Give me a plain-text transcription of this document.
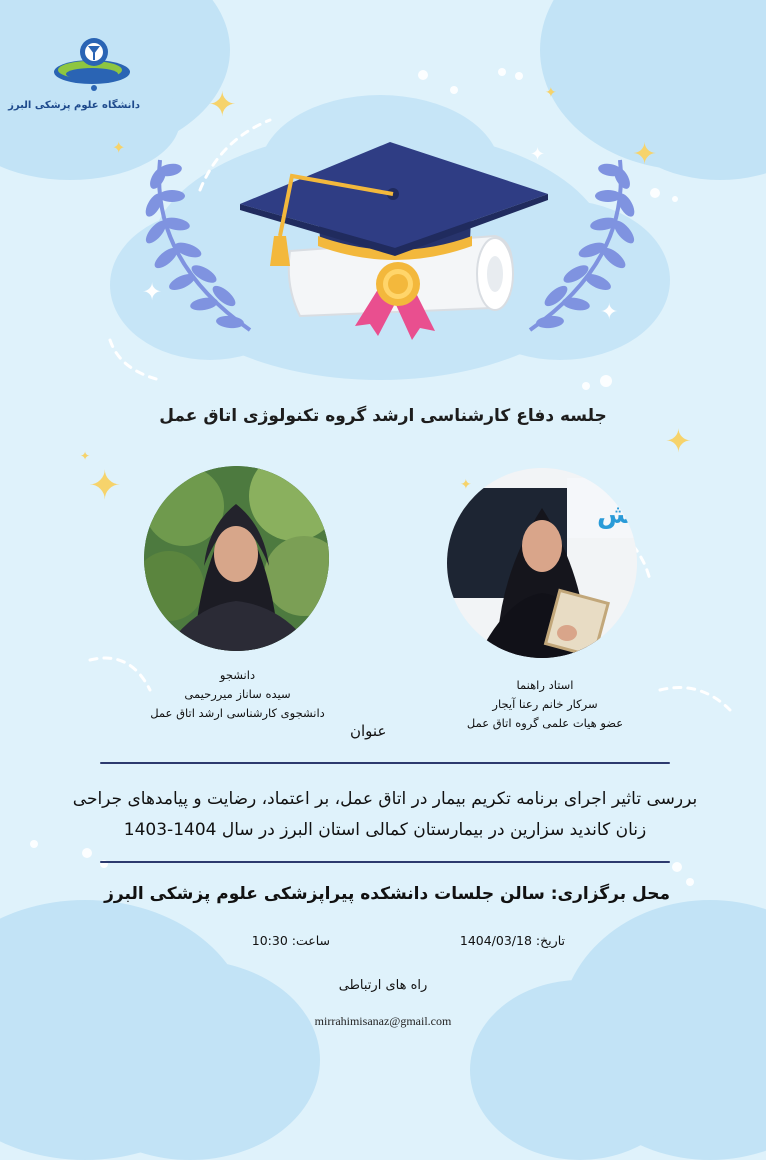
✦
✦
✦
✦
✦
✦
✦
✦
✦
✦
✦
دانشگاه علوم پزشکی البرز
جلسه دفاع کارشناسی ارشد گروه تکنولوژی اتاق عمل
ش
دانشجو
سیده ساناز میررحیمی
دانشجوی کارشناسی ارشد اتاق عمل
استاد راهنما
سرکار خانم رعنا آیجار
عضو هیات علمی گروه اتاق عمل
عنوان
بررسی تاثیر اجرای برنامه تکریم بیمار در اتاق عمل، بر اعتماد، رضایت و پیامدهای جراحی
زنان کاندید سزارین در بیمارستان کمالی استان البرز در سال 1404-1403
محل برگزاری: سالن جلسات دانشکده پیراپزشکی علوم پزشکی البرز
تاریخ: 1404/03/18
ساعت: 10:30
راه های ارتباطی
mirrahimisanaz@gmail.com
